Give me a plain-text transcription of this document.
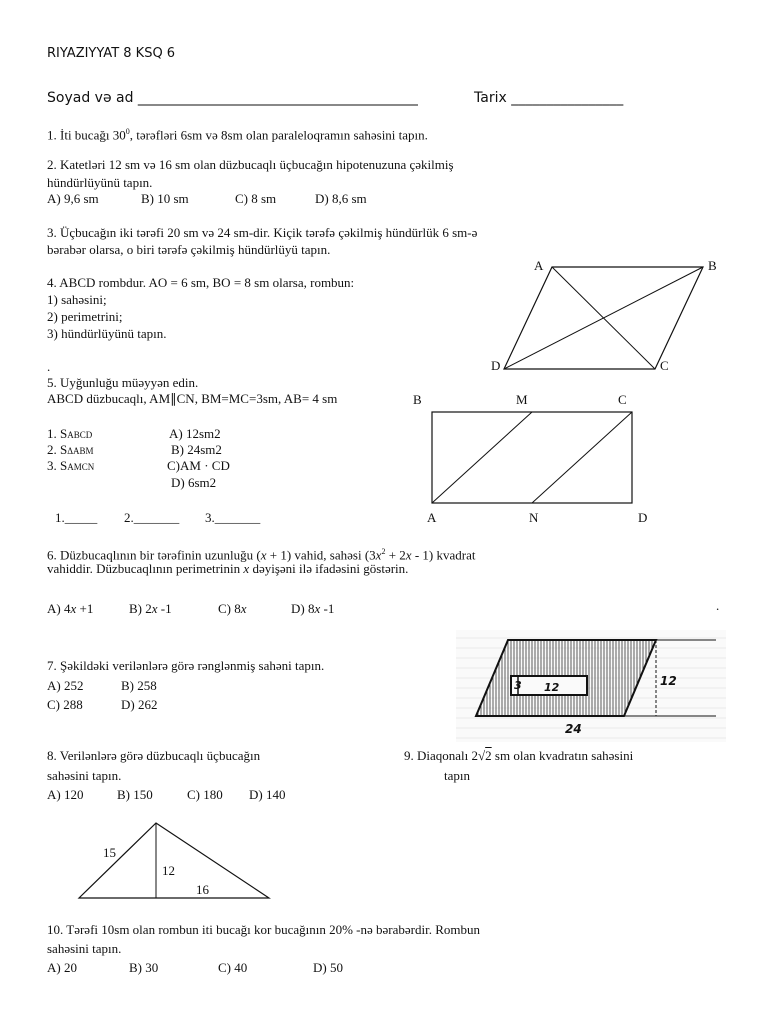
RIYAZIYYAT 8 KSQ 6
Soyad və ad ________________________________________	Tarix ________________
1. İti bucağı $30^0$, tərəfləri 6sm və 8sm olan paraleloqramın sahəsini tapın.
2. Katetləri 12 sm və 16 sm olan düzbucaqlı üçbucağın hipotenuzuna çəkilmiş
hündürlüyünü tapın.
A) 9,6 sm	B) 10 sm	C) 8 sm	D) 8,6 sm
3. Üçbucağın iki tərəfi 20 sm və 24 sm-dir. Kiçik tərəfə çəkilmiş hündürlük 6 sm-ə
bərabər olarsa, o biri tərəfə çəkilmiş hündürlüyü tapın.
4. ABCD rombdur. AO = 6 sm, BO = 8 sm olarsa, rombun:
1) sahəsini;
2) perimetrini;
3) hündürlüyünü tapın.
.
A	B
C
D
5. Uyğunluğu müəyyən edin.
ABCD düzbucaqlı, AM∥CN, BM=MC=3sm, AB= 4 sm
1. SABCD
2. SΔABM
3. SAMCN
A) 12sm2
B) 24sm2
C)AM · CD
D) 6sm2
1._____ 2._______ 3._______
B	M	C
A	N	D
6. Düzbucaqlının bir tərəfinin uzunluğu (x + 1) vahid, sahəsi $(3x^2 + 2x - 1)$ kvadrat
vahiddir. Düzbucaqlının perimetrinin x dəyişəni ilə ifadəsini göstərin.
A) 4x +1	B) 2x -1	C) 8x	D) 8x -1	.
7. Şəkildəki verilənlərə görə rənglənmiş sahəni tapın.
A) 252	B) 258
C) 288	D) 262
3 12	12
24
8. Verilənlərə görə düzbucaqlı üçbucağın
sahəsini tapın.
A) 120	B) 150	C) 180 D) 140
15
12
16
9. Diaqonalı 2√2 sm olan kvadratın sahəsini
tapın
10. Tərəfi 10sm olan rombun iti bucağı kor bucağının 20% -nə bərabərdir. Rombun
sahəsini tapın.
A) 20	B) 30	C) 40	D) 50
